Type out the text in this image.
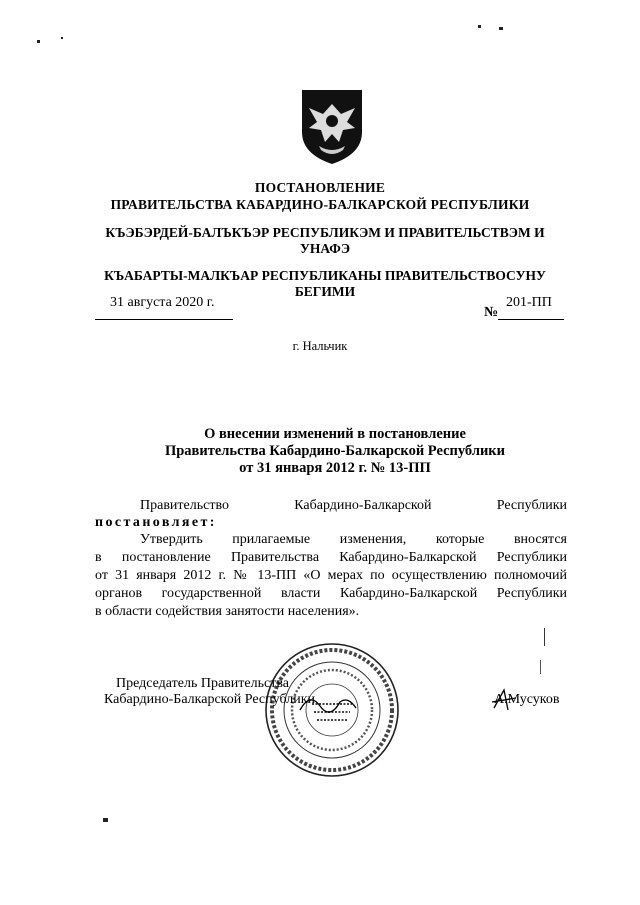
ПОСТАНОВЛЕНИЕ
ПРАВИТЕЛЬСТВА КАБАРДИНО-БАЛКАРСКОЙ РЕСПУБЛИКИ
КЪЭБЭРДЕЙ-БАЛЪКЪЭР РЕСПУБЛИКЭМ И ПРАВИТЕЛЬСТВЭМ И УНАФЭ
КЪАБАРТЫ-МАЛКЪАР РЕСПУБЛИКАНЫ ПРАВИТЕЛЬСТВОСУНУ БЕГИМИ
31 августа 2020 г.
№
201-ПП
г. Нальчик
О внесении изменений в постановление
Правительства Кабардино-Балкарской Республики
от 31 января 2012 г. № 13-ПП
Правительство Кабардино-Балкарской Республики
постановляет:
Утвердить прилагаемые изменения, которые вносятся
в постановление Правительства Кабардино-Балкарской Республики
от 31 января 2012 г. № 13-ПП «О мерах по осуществлению полномочий
органов государственной власти Кабардино-Балкарской Республики
в области содействия занятости населения».
Председатель Правительства
Кабардино-Балкарской Республики	А.Мусуков
